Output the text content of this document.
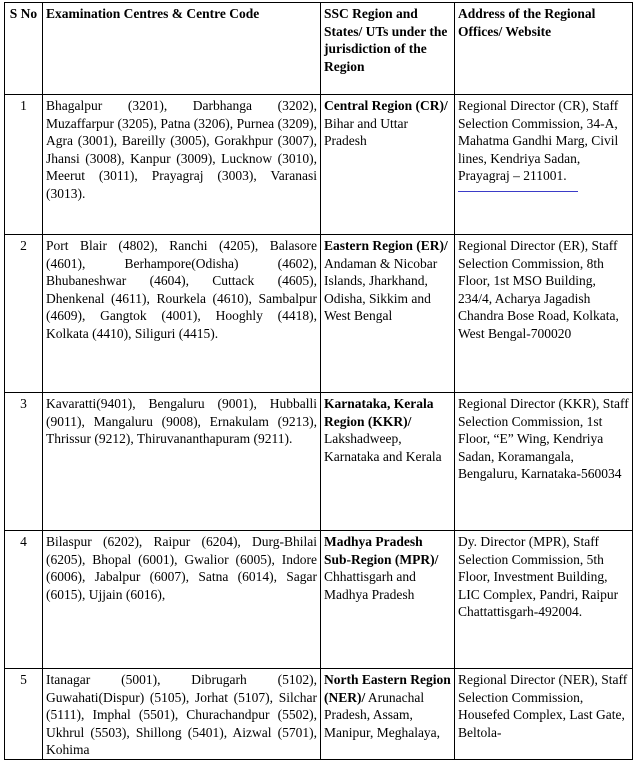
S No	Examination Centres & Centre Code	SSC Region and States/ UTs under the jurisdiction of the Region	Address of the Regional Offices/ Website
1	Bhagalpur (3201), Darbhanga (3202), Muzaffarpur (3205), Patna (3206), Purnea (3209), Agra (3001), Bareilly (3005), Gorakhpur (3007), Jhansi (3008), Kanpur (3009), Lucknow (3010), Meerut (3011), Prayagraj (3003), Varanasi (3013).	Central Region (CR)/ Bihar and Uttar Pradesh	Regional Director (CR), Staff Selection Commission, 34-A, Mahatma Gandhi Marg, Civil lines, Kendriya Sadan, Prayagraj – 211001.

2	Port Blair (4802), Ranchi (4205), Balasore (4601), Berhampore(Odisha) (4602), Bhubaneshwar (4604), Cuttack (4605), Dhenkenal (4611), Rourkela (4610), Sambalpur (4609), Gangtok (4001), Hooghly (4418), Kolkata (4410), Siliguri (4415).	Eastern Region (ER)/ Andaman & Nicobar Islands, Jharkhand, Odisha, Sikkim and West Bengal	Regional Director (ER), Staff Selection Commission, 8th Floor, 1st MSO Building, 234/4, Acharya Jagadish Chandra Bose Road, Kolkata, West Bengal-700020
3	Kavaratti(9401), Bengaluru (9001), Hubballi (9011), Mangaluru (9008), Ernakulam (9213), Thrissur (9212), Thiruvananthapuram (9211).	Karnataka, Kerala Region (KKR)/ Lakshadweep, Karnataka and Kerala	Regional Director (KKR), Staff Selection Commission, 1st Floor, “E” Wing, Kendriya Sadan, Koramangala, Bengaluru, Karnataka-560034
4	Bilaspur (6202), Raipur (6204), Durg-Bhilai (6205), Bhopal (6001), Gwalior (6005), Indore (6006), Jabalpur (6007), Satna (6014), Sagar (6015), Ujjain (6016),	Madhya Pradesh Sub-Region (MPR)/ Chhattisgarh and Madhya Pradesh	Dy. Director (MPR), Staff Selection Commission, 5th Floor, Investment Building, LIC Complex, Pandri, Raipur Chattattisgarh-492004.
5	Itanagar (5001), Dibrugarh (5102), Guwahati(Dispur) (5105), Jorhat (5107), Silchar (5111), Imphal (5501), Churachandpur (5502), Ukhrul (5503), Shillong (5401), Aizwal (5701), Kohima	North Eastern Region (NER)/ Arunachal Pradesh, Assam, Manipur, Meghalaya,	Regional Director (NER), Staff Selection Commission, Housefed Complex, Last Gate, Beltola-
